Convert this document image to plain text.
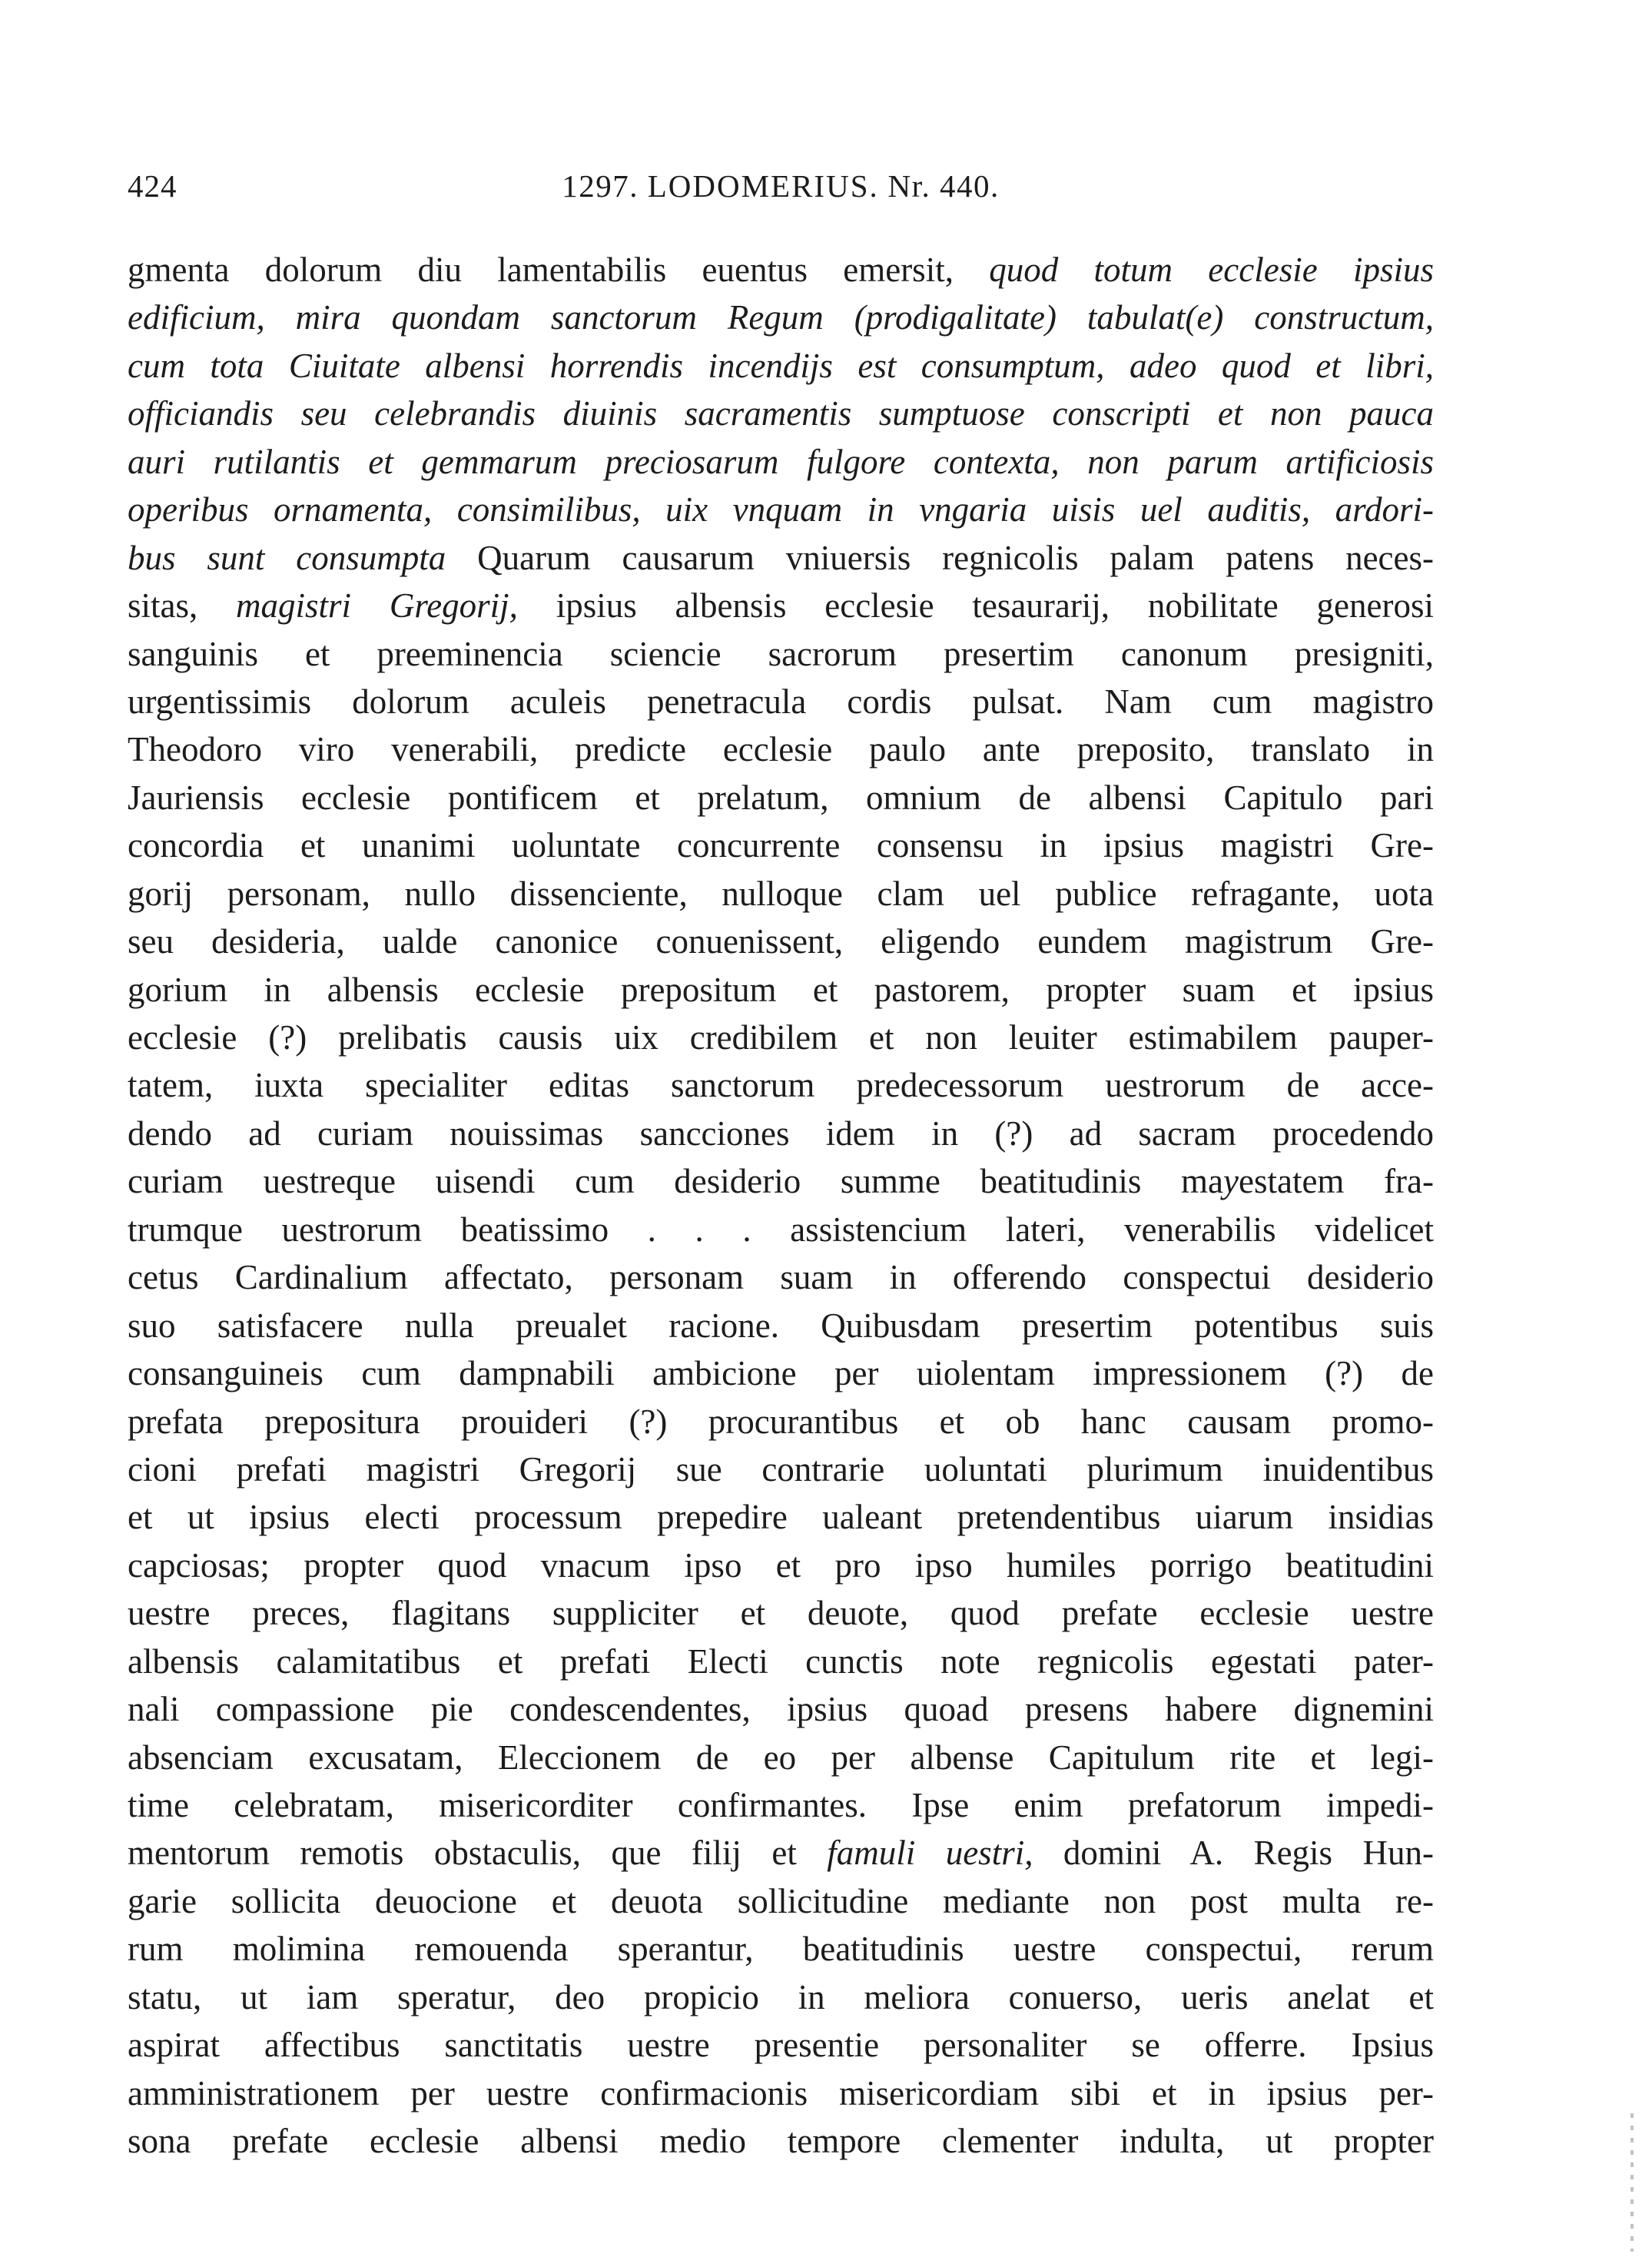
424	1297. LODOMERIUS. Nr. 440.
gmenta dolorum diu lamentabilis euentus emersit, quod totum ecclesie ipsius
edificium, mira quondam sanctorum Regum (prodigalitate) tabulat(e) constructum,
cum tota Ciuitate albensi horrendis incendijs est consumptum, adeo quod et libri,
officiandis seu celebrandis diuinis sacramentis sumptuose conscripti et non pauca
auri rutilantis et gemmarum preciosarum fulgore contexta, non parum artificiosis
operibus ornamenta, consimilibus, uix vnquam in vngaria uisis uel auditis, ardori-
bus sunt consumpta Quarum causarum vniuersis regnicolis palam patens neces-
sitas, magistri Gregorij, ipsius albensis ecclesie tesaurarij, nobilitate generosi
sanguinis et preeminencia sciencie sacrorum presertim canonum presigniti,
urgentissimis dolorum aculeis penetracula cordis pulsat. Nam cum magistro
Theodoro viro venerabili, predicte ecclesie paulo ante preposito, translato in
Jauriensis ecclesie pontificem et prelatum, omnium de albensi Capitulo pari
concordia et unanimi uoluntate concurrente consensu in ipsius magistri Gre-
gorij personam, nullo dissenciente, nulloque clam uel publice refragante, uota
seu desideria, ualde canonice conuenissent, eligendo eundem magistrum Gre-
gorium in albensis ecclesie prepositum et pastorem, propter suam et ipsius
ecclesie (?) prelibatis causis uix credibilem et non leuiter estimabilem pauper-
tatem, iuxta specialiter editas sanctorum predecessorum uestrorum de acce-
dendo ad curiam nouissimas sancciones idem in (?) ad sacram procedendo
curiam uestreque uisendi cum desiderio summe beatitudinis mayestatem fra-
trumque uestrorum beatissimo . . . assistencium lateri, venerabilis videlicet
cetus Cardinalium affectato, personam suam in offerendo conspectui desiderio
suo satisfacere nulla preualet racione. Quibusdam presertim potentibus suis
consanguineis cum dampnabili ambicione per uiolentam impressionem (?) de
prefata prepositura prouideri (?) procurantibus et ob hanc causam promo-
cioni prefati magistri Gregorij sue contrarie uoluntati plurimum inuidentibus
et ut ipsius electi processum prepedire ualeant pretendentibus uiarum insidias
capciosas; propter quod vnacum ipso et pro ipso humiles porrigo beatitudini
uestre preces, flagitans suppliciter et deuote, quod prefate ecclesie uestre
albensis calamitatibus et prefati Electi cunctis note regnicolis egestati pater-
nali compassione pie condescendentes, ipsius quoad presens habere dignemini
absenciam excusatam, Eleccionem de eo per albense Capitulum rite et legi-
time celebratam, misericorditer confirmantes. Ipse enim prefatorum impedi-
mentorum remotis obstaculis, que filij et famuli uestri, domini A. Regis Hun-
garie sollicita deuocione et deuota sollicitudine mediante non post multa re-
rum molimina remouenda sperantur, beatitudinis uestre conspectui, rerum
statu, ut iam speratur, deo propicio in meliora conuerso, ueris anelat et
aspirat affectibus sanctitatis uestre presentie personaliter se offerre. Ipsius
amministrationem per uestre confirmacionis misericordiam sibi et in ipsius per-
sona prefate ecclesie albensi medio tempore clementer indulta, ut propter
